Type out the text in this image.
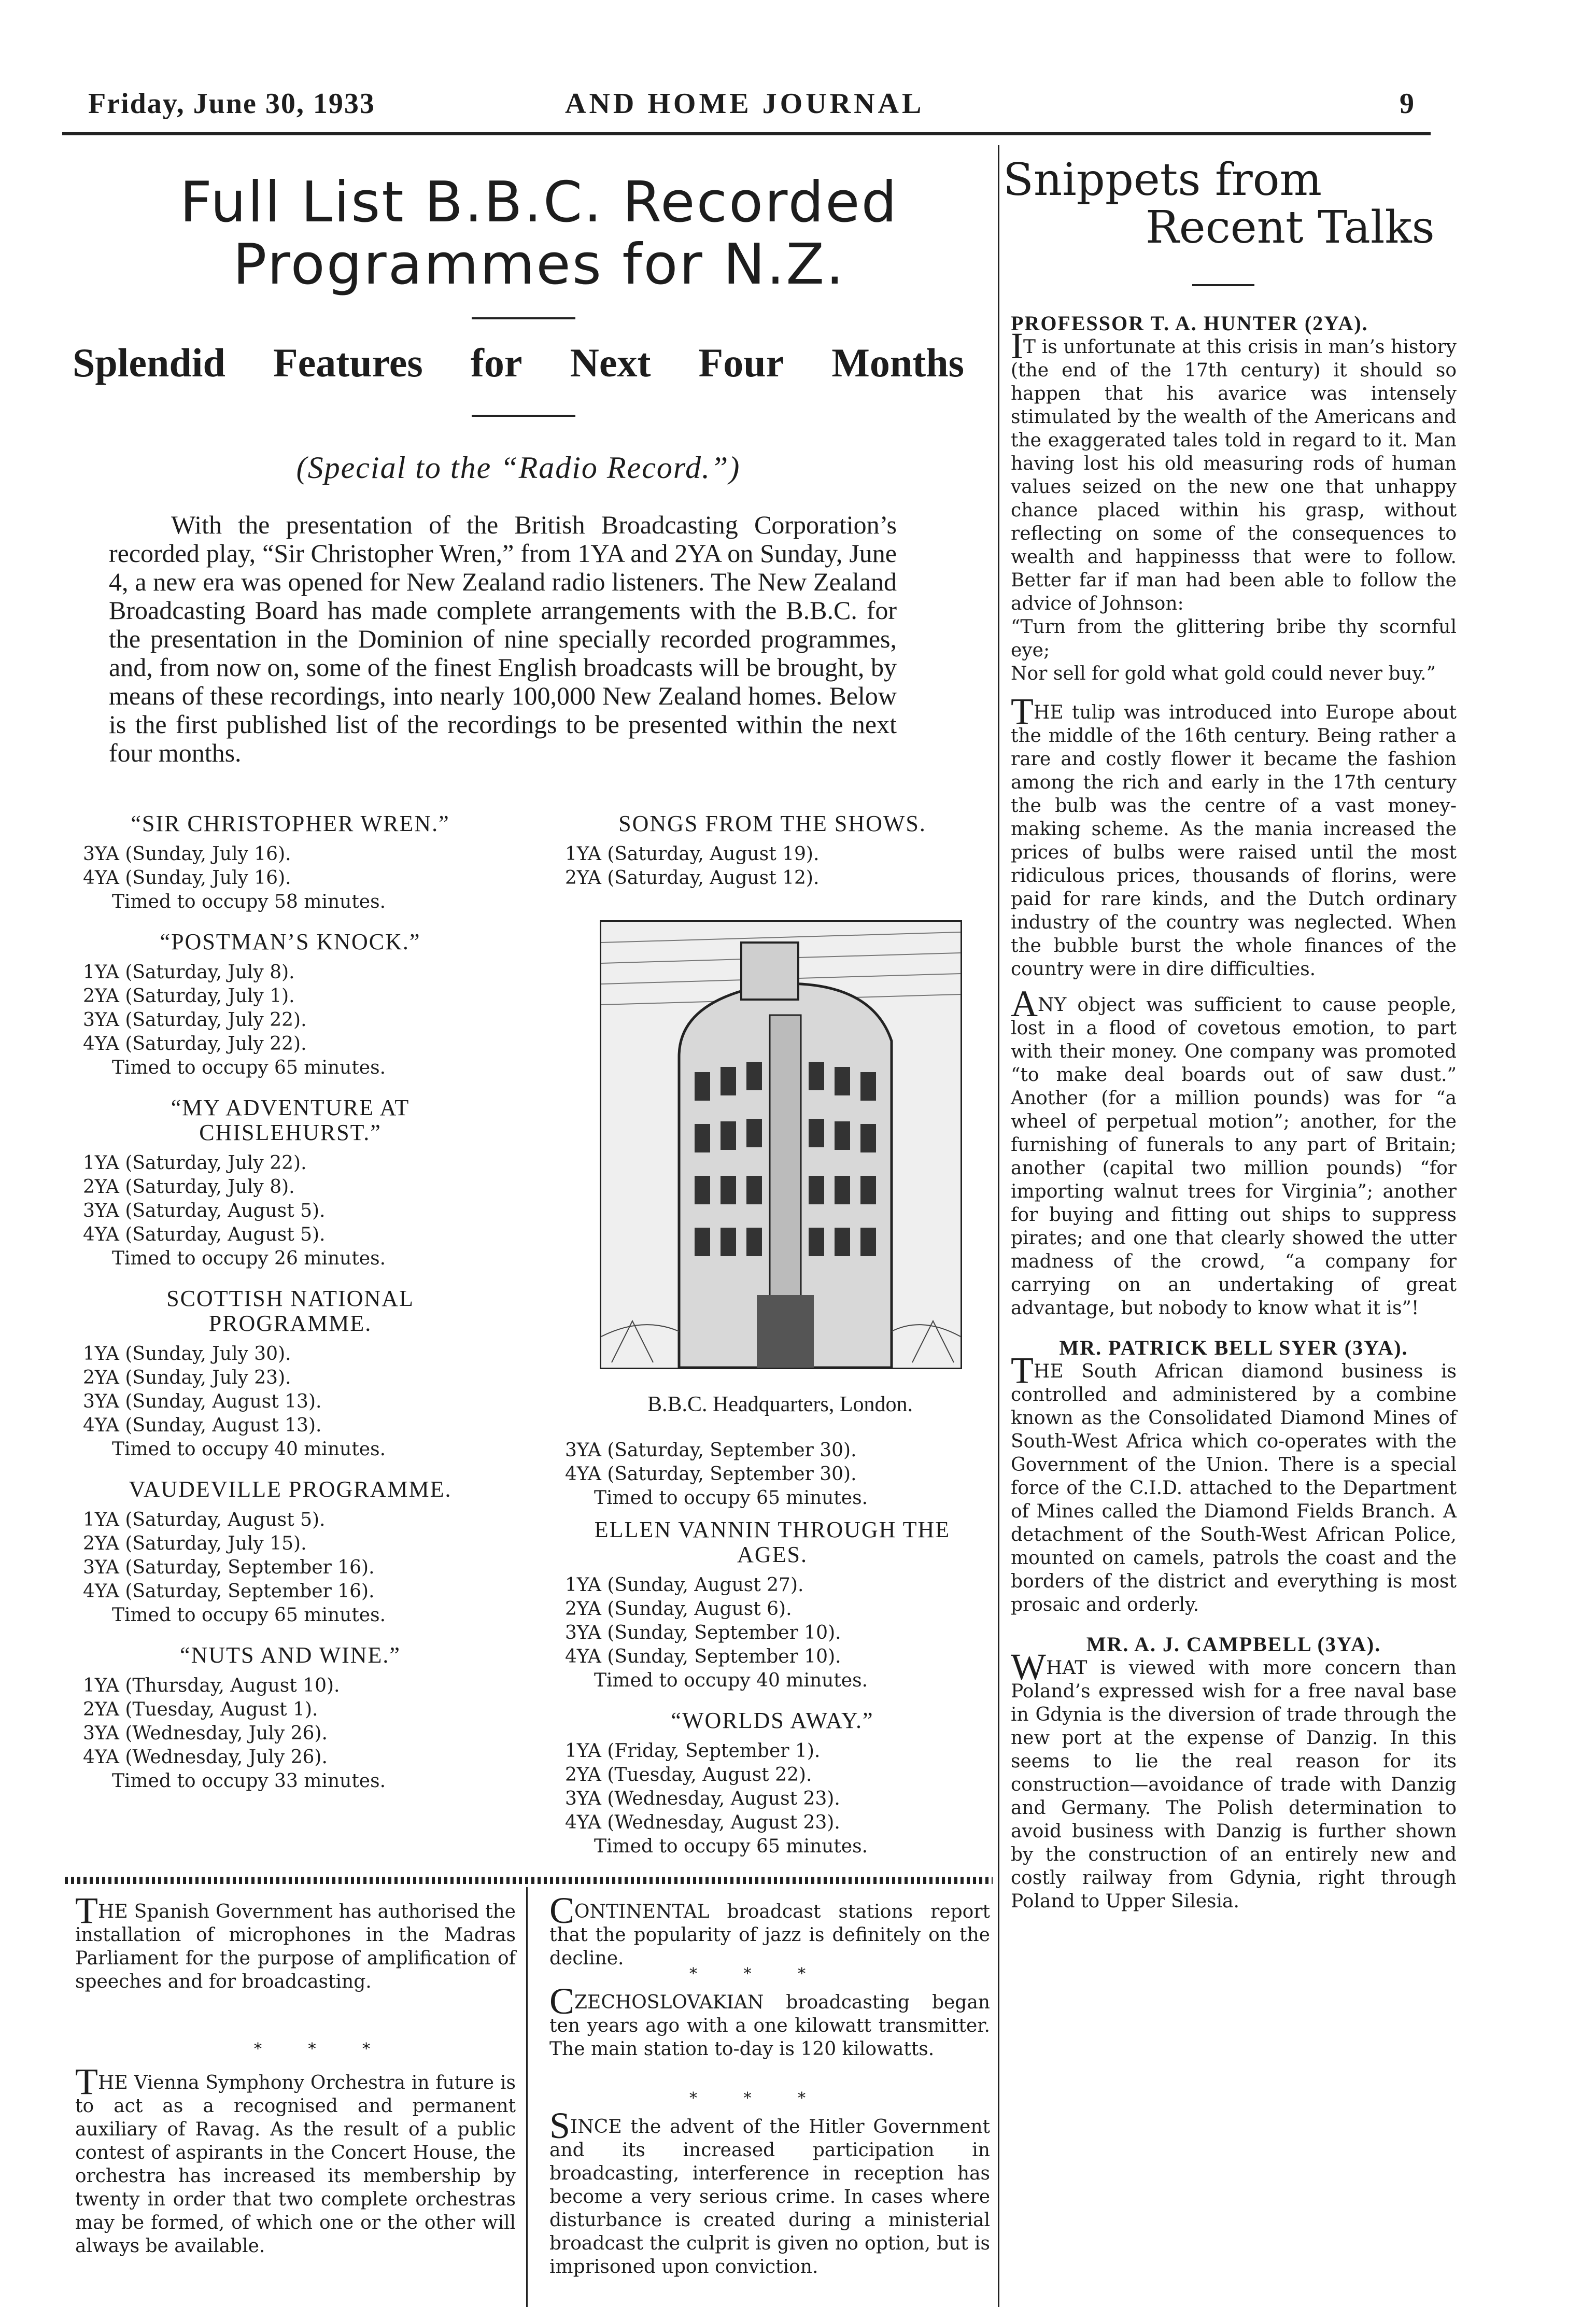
Friday, June 30, 1933	AND HOME JOURNAL	9
Full List B.B.C. Recorded
Programmes for N.Z.
Splendid Features for Next Four Months
(Special to the “Radio Record.”)

With the presentation of the British Broadcasting Corporation’s recorded play, “Sir Christopher Wren,” from 1YA and 2YA on Sunday, June 4, a new era was opened for New Zealand radio listeners. The New Zealand Broadcasting Board has made complete arrangements with the B.B.C. for the presentation in the Dominion of nine specially recorded programmes, and, from now on, some of the finest English broadcasts will be brought, by means of these recordings, into nearly 100,000 New Zealand homes. Below is the first published list of the recordings to be presented within the next four months.

“SIR CHRISTOPHER WREN.”
3YA (Sunday, July 16).
4YA (Sunday, July 16).
Timed to occupy 58 minutes.
“POSTMAN’S KNOCK.”
1YA (Saturday, July 8).
2YA (Saturday, July 1).
3YA (Saturday, July 22).
4YA (Saturday, July 22).
Timed to occupy 65 minutes.
“MY ADVENTURE AT CHISLEHURST.”
1YA (Saturday, July 22).
2YA (Saturday, July 8).
3YA (Saturday, August 5).
4YA (Saturday, August 5).
Timed to occupy 26 minutes.
SCOTTISH NATIONAL PROGRAMME.
1YA (Sunday, July 30).
2YA (Sunday, July 23).
3YA (Sunday, August 13).
4YA (Sunday, August 13).
Timed to occupy 40 minutes.
VAUDEVILLE PROGRAMME.
1YA (Saturday, August 5).
2YA (Saturday, July 15).
3YA (Saturday, September 16).
4YA (Saturday, September 16).
Timed to occupy 65 minutes.
“NUTS AND WINE.”
1YA (Thursday, August 10).
2YA (Tuesday, August 1).
3YA (Wednesday, July 26).
4YA (Wednesday, July 26).
Timed to occupy 33 minutes.
SONGS FROM THE SHOWS.
1YA (Saturday, August 19).
2YA (Saturday, August 12).
B.B.C. Headquarters, London.
3YA (Saturday, September 30).
4YA (Saturday, September 30).
Timed to occupy 65 minutes.
ELLEN VANNIN THROUGH THE AGES.
1YA (Sunday, August 27).
2YA (Sunday, August 6).
3YA (Sunday, September 10).
4YA (Sunday, September 10).
Timed to occupy 40 minutes.
“WORLDS AWAY.”
1YA (Friday, September 1).
2YA (Tuesday, August 22).
3YA (Wednesday, August 23).
4YA (Wednesday, August 23).
Timed to occupy 65 minutes.

THE Spanish Government has authorised the installation of microphones in the Madras Parliament for the purpose of amplification of speeches and for broadcasting.

* * *

THE Vienna Symphony Orchestra in future is to act as a recognised and permanent auxiliary of Ravag. As the result of a public contest of aspirants in the Concert House, the orchestra has increased its membership by twenty in order that two complete orchestras may be formed, of which one or the other will always be available.

CONTINENTAL broadcast stations report that the popularity of jazz is definitely on the decline.

* * *

CZECHOSLOVAKIAN broadcasting began ten years ago with a one kilowatt transmitter. The main station to-day is 120 kilowatts.

* * *

SINCE the advent of the Hitler Government and its increased participation in broadcasting, interference in reception has become a very serious crime. In cases where disturbance is created during a ministerial broadcast the culprit is given no option, but is imprisoned upon conviction.

Snippets from
Recent Talks
PROFESSOR T. A. HUNTER (2YA).

IT is unfortunate at this crisis in man’s history (the end of the 17th century) it should so happen that his avarice was intensely stimulated by the wealth of the Americans and the exaggerated tales told in regard to it. Man having lost his old measuring rods of human values seized on the new one that unhappy chance placed within his grasp, without reflecting on some of the consequences to wealth and happinesss that were to follow. Better far if man had been able to follow the advice of Johnson:

“Turn from the glittering bribe thy scornful eye;

Nor sell for gold what gold could never buy.”

THE tulip was introduced into Europe about the middle of the 16th century. Being rather a rare and costly flower it became the fashion among the rich and early in the 17th century the bulb was the centre of a vast money-making scheme. As the mania increased the prices of bulbs were raised until the most ridiculous prices, thousands of florins, were paid for rare kinds, and the Dutch ordinary industry of the country was neglected. When the bubble burst the whole finances of the country were in dire difficulties.

ANY object was sufficient to cause people, lost in a flood of covetous emotion, to part with their money. One company was promoted “to make deal boards out of saw dust.” Another (for a million pounds) was for “a wheel of perpetual motion”; another, for the furnishing of funerals to any part of Britain; another (capital two million pounds) “for importing walnut trees for Virginia”; another for buying and fitting out ships to suppress pirates; and one that clearly showed the utter madness of the crowd, “a company for carrying on an undertaking of great advantage, but nobody to know what it is”!

MR. PATRICK BELL SYER (3YA).

THE South African diamond business is controlled and administered by a combine known as the Consolidated Diamond Mines of South-West Africa which co-operates with the Government of the Union. There is a special force of the C.I.D. attached to the Department of Mines called the Diamond Fields Branch. A detachment of the South-West African Police, mounted on camels, patrols the coast and the borders of the district and everything is most prosaic and orderly.

MR. A. J. CAMPBELL (3YA).

WHAT is viewed with more concern than Poland’s expressed wish for a free naval base in Gdynia is the diversion of trade through the new port at the expense of Danzig. In this seems to lie the real reason for its construction—avoidance of trade with Danzig and Germany. The Polish determination to avoid business with Danzig is further shown by the construction of an entirely new and costly railway from Gdynia, right through Poland to Upper Silesia.
